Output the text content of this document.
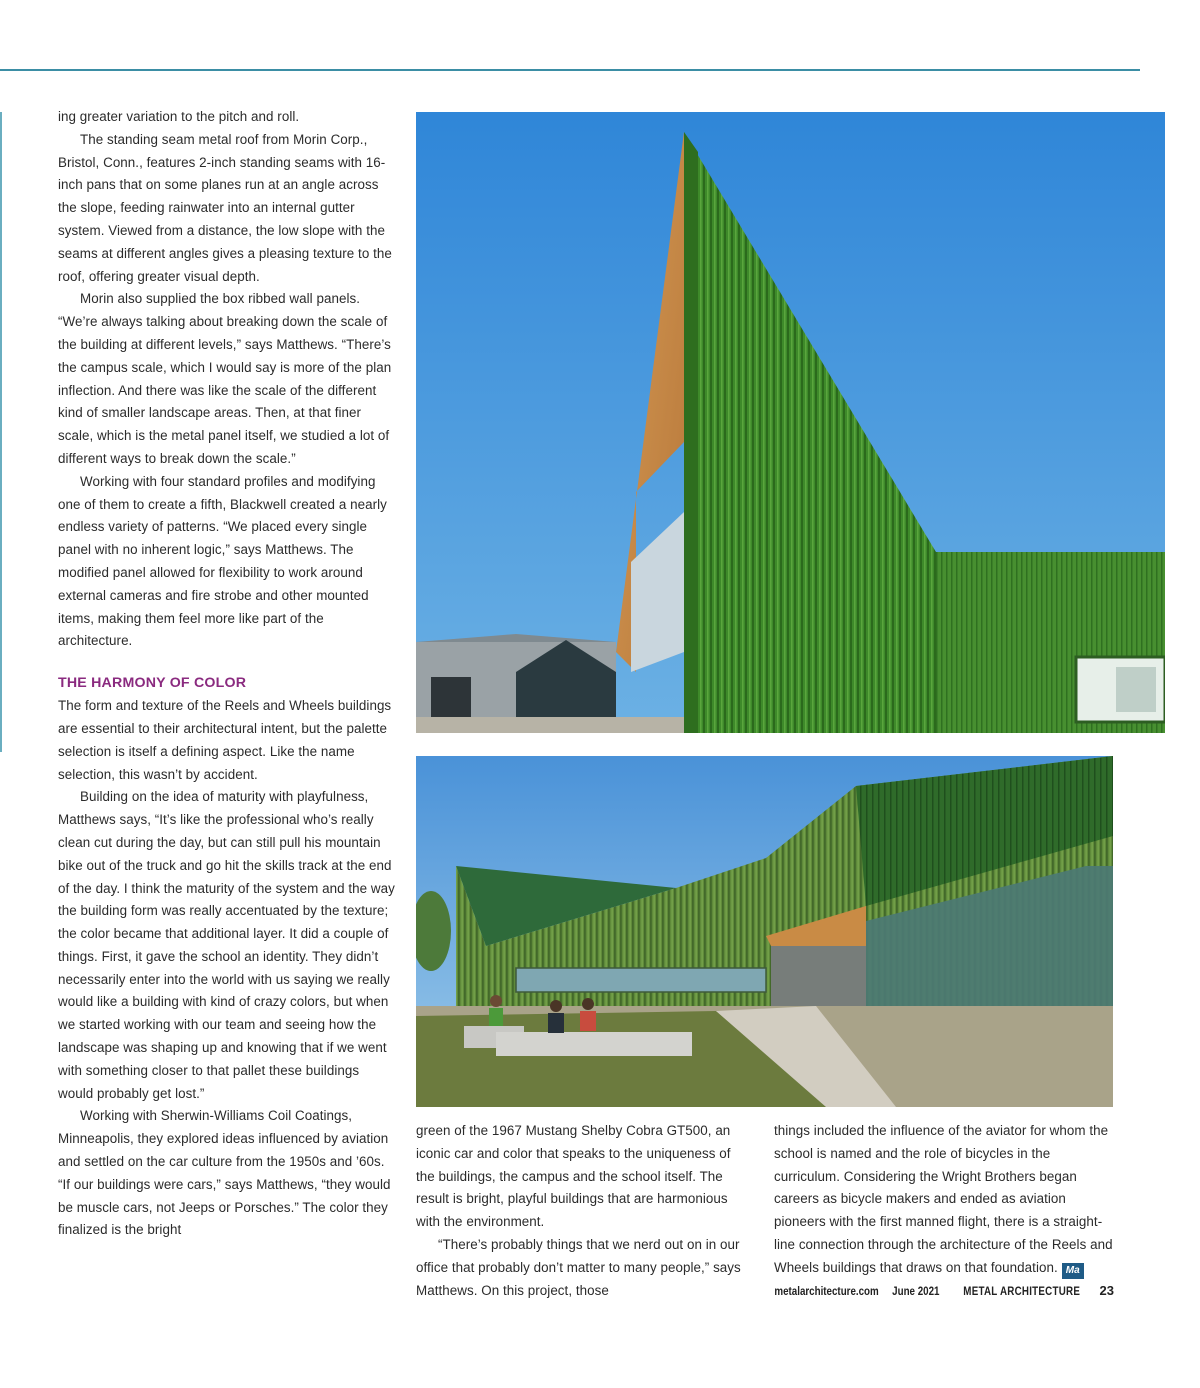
ing greater variation to the pitch and roll.

The standing seam metal roof from Morin Corp., Bristol, Conn., features 2-inch standing seams with 16-inch pans that on some planes run at an angle across the slope, feeding rainwater into an internal gutter system. Viewed from a distance, the low slope with the seams at different angles gives a pleasing texture to the roof, offering greater visual depth.

Morin also supplied the box ribbed wall panels. “We’re always talking about breaking down the scale of the building at different levels,” says Matthews. “There’s the campus scale, which I would say is more of the plan inflection. And there was like the scale of the different kind of smaller landscape areas. Then, at that finer scale, which is the metal panel itself, we studied a lot of different ways to break down the scale.”

Working with four standard profiles and modifying one of them to create a fifth, Blackwell created a nearly endless variety of patterns. “We placed every single panel with no inherent logic,” says Matthews. The modified panel allowed for flexibility to work around external cameras and fire strobe and other mounted items, making them feel more like part of the architecture.

THE HARMONY OF COLOR

The form and texture of the Reels and Wheels buildings are essential to their architectural intent, but the palette selection is itself a defining aspect. Like the name selection, this wasn’t by accident.

Building on the idea of maturity with playfulness, Matthews says, “It’s like the professional who’s really clean cut during the day, but can still pull his mountain bike out of the truck and go hit the skills track at the end of the day. I think the maturity of the system and the way the building form was really accentuated by the texture; the color became that additional layer. It did a couple of things. First, it gave the school an identity. They didn’t necessarily enter into the world with us saying we really would like a building with kind of crazy colors, but when we started working with our team and seeing how the landscape was shaping up and knowing that if we went with something closer to that pallet these buildings would probably get lost.”

Working with Sherwin-Williams Coil Coatings, Minneapolis, they explored ideas influenced by aviation and settled on the car culture from the 1950s and ’60s. “If our buildings were cars,” says Matthews, “they would be muscle cars, not Jeeps or Porsches.” The color they finalized is the bright

green of the 1967 Mustang Shelby Cobra GT500, an iconic car and color that speaks to the uniqueness of the buildings, the campus and the school itself. The result is bright, playful buildings that are harmonious with the environment.

“There’s probably things that we nerd out on in our office that probably don’t matter to many people,” says Matthews. On this project, those

things included the influence of the aviator for whom the school is named and the role of bicycles in the curriculum. Considering the Wright Brothers began careers as bicycle makers and ended as aviation pioneers with the first manned flight, there is a straight-line connection through the architecture of the Reels and Wheels buildings that draws on that foundation. Ma

metalarchitecture.com June 2021 METAL ARCHITECTURE 23
